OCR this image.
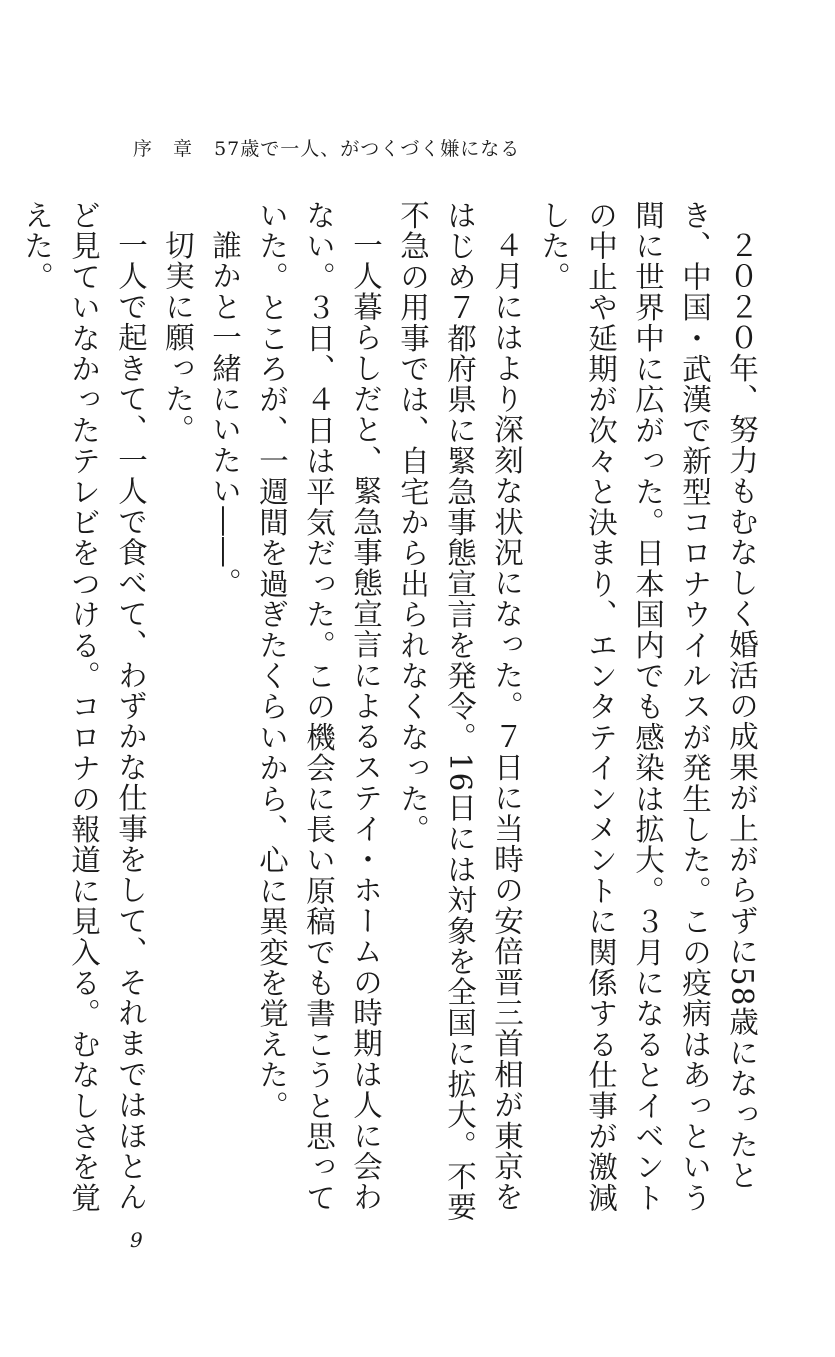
序　章 57歳で一人、がつくづく嫌になる

２０２０年、努力もむなしく婚活の成果が上がらずに58歳になったとき、中国・武漢で新型コロナウイルスが発生した。この疫病はあっという間に世界中に広がった。日本国内でも感染は拡大。３月になるとイベントの中止や延期が次々と決まり、エンタテインメントに関係する仕事が激減した。

４月にはより深刻な状況になった。７日に当時の安倍晋三首相が東京をはじめ７都府県に緊急事態宣言を発令。16日には対象を全国に拡大。不要不急の用事では、自宅から出られなくなった。

一人暮らしだと、緊急事態宣言によるステイ・ホームの時期は人に会わない。３日、４日は平気だった。この機会に長い原稿でも書こうと思っていた。ところが、一週間を過ぎたくらいから、心に異変を覚えた。

誰かと一緒にいたい――。

切実に願った。

一人で起きて、一人で食べて、わずかな仕事をして、それまではほとんど見ていなかったテレビをつける。コロナの報道に見入る。むなしさを覚えた。

9
